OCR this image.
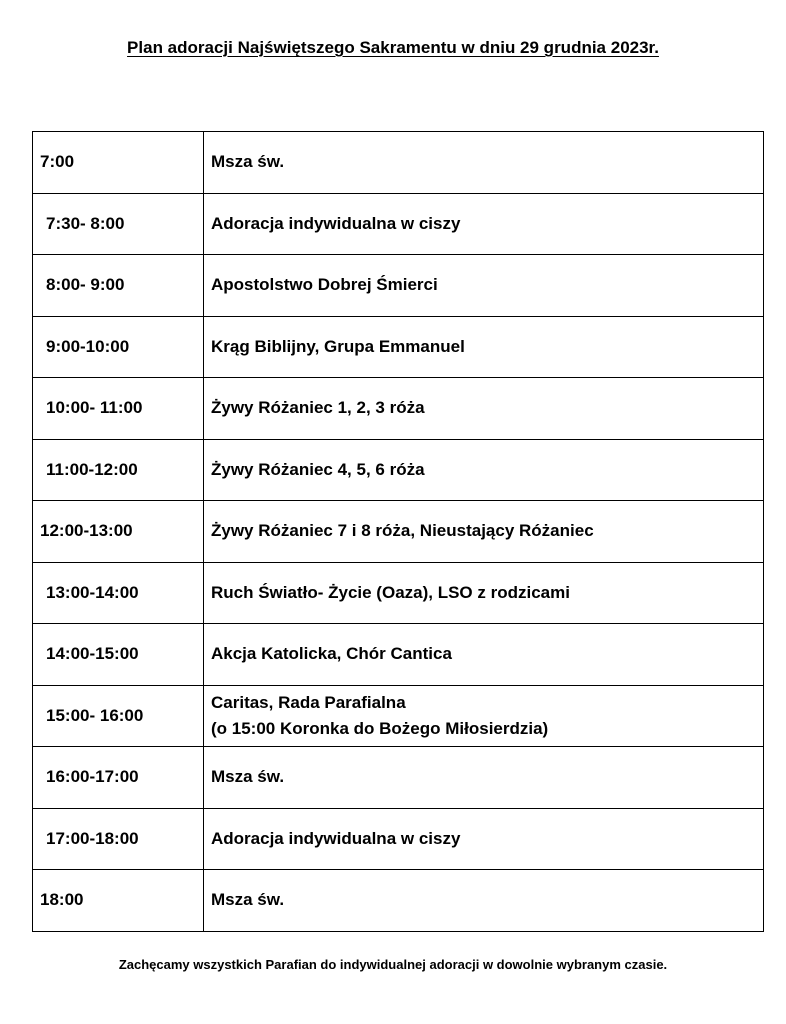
Plan adoracji Najświętszego Sakramentu w dniu 29 grudnia 2023r.
7:00	Msza św.

7:30- 8:00	Adoracja indywidualna w ciszy

8:00- 9:00	Apostolstwo Dobrej Śmierci

9:00-10:00	Krąg Biblijny, Grupa Emmanuel

10:00- 11:00	Żywy Różaniec 1, 2, 3 róża

11:00-12:00	Żywy Różaniec 4, 5, 6 róża

12:00-13:00	Żywy Różaniec 7 i 8 róża, Nieustający Różaniec

13:00-14:00	Ruch Światło- Życie (Oaza), LSO z rodzicami

14:00-15:00	Akcja Katolicka, Chór Cantica

15:00- 16:00	Caritas, Rada Parafialna
(o 15:00 Koronka do Bożego Miłosierdzia)

16:00-17:00	Msza św.

17:00-18:00	Adoracja indywidualna w ciszy

18:00	Msza św.
Zachęcamy wszystkich Parafian do indywidualnej adoracji w dowolnie wybranym czasie.
